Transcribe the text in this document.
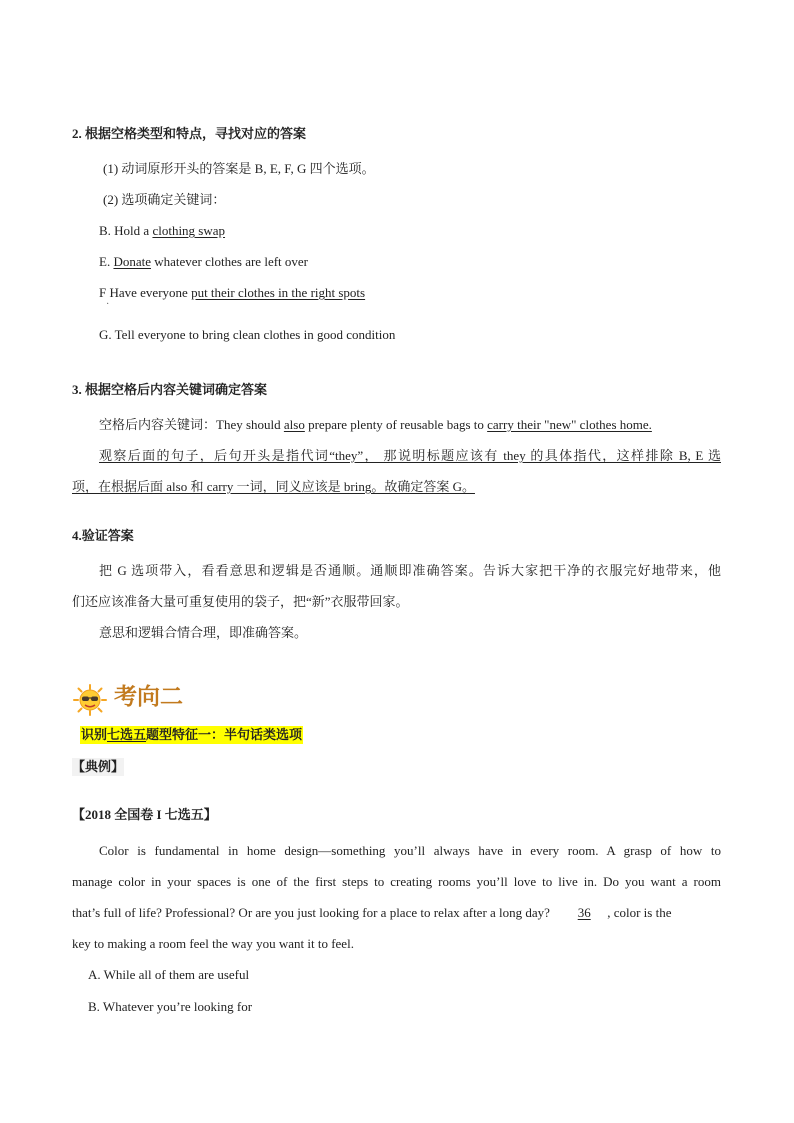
2. 根据空格类型和特点，寻找对应的答案
(1) 动词原形开头的答案是 B, E, F, G 四个选项。
(2) 选项确定关键词：
B. Hold a clothing swap
E. Donate whatever clothes are left over
F Have everyone put their clothes in the right spots
·
G. Tell everyone to bring clean clothes in good condition
3. 根据空格后内容关键词确定答案
空格后内容关键词：They should also prepare plenty of reusable bags to carry their "new" clothes home.
观察后面的句子，后句开头是指代词“they”， 那说明标题应该有 they 的具体指代，这样排除 B, E 选
项，在根据后面 also 和 carry 一词，同义应该是 bring。故确定答案 G。
4.验证答案
把 G 选项带入，看看意思和逻辑是否通顺。通顺即准确答案。告诉大家把干净的衣服完好地带来，他
们还应该准备大量可重复使用的袋子，把“新”衣服带回家。
意思和逻辑合情合理，即准确答案。
考向二
识别七选五题型特征一：半句话类选项
【典例】
【2018 全国卷 I 七选五】
Color is fundamental in home design—something you’ll always have in every room. A grasp of how to
manage color in your spaces is one of the first steps to creating rooms you’ll love to live in. Do you want a room
that’s full of life? Professional? Or are you just looking for a place to relax after a long day? 36 , color is the
key to making a room feel the way you want it to feel.
A. While all of them are useful
B. Whatever you’re looking for
